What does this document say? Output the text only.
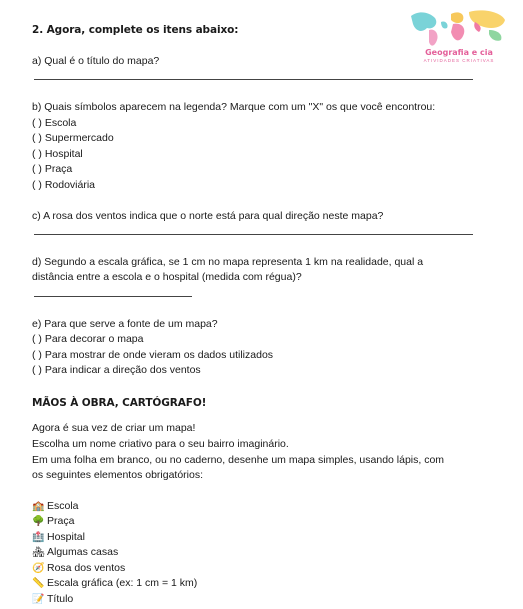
Geografia e cia
ATIVIDADES CRIATIVAS
2. Agora, complete os itens abaixo:
a) Qual é o título do mapa?
b) Quais símbolos aparecem na legenda? Marque com um "X" os que você encontrou:
( ) Escola
( ) Supermercado
( ) Hospital
( ) Praça
( ) Rodoviária
c) A rosa dos ventos indica que o norte está para qual direção neste mapa?
d) Segundo a escala gráfica, se 1 cm no mapa representa 1 km na realidade, qual a
distância entre a escola e o hospital (medida com régua)?
e) Para que serve a fonte de um mapa?
( ) Para decorar o mapa
( ) Para mostrar de onde vieram os dados utilizados
( ) Para indicar a direção dos ventos
MÃOS À OBRA, CARTÓGRAFO!
Agora é sua vez de criar um mapa!
Escolha um nome criativo para o seu bairro imaginário.
Em uma folha em branco, ou no caderno, desenhe um mapa simples, usando lápis, com
os seguintes elementos obrigatórios:
🏫 Escola
🌳 Praça
🏥 Hospital
🏘 Algumas casas
🧭 Rosa dos ventos
📏 Escala gráfica (ex: 1 cm = 1 km)
📝 Título
